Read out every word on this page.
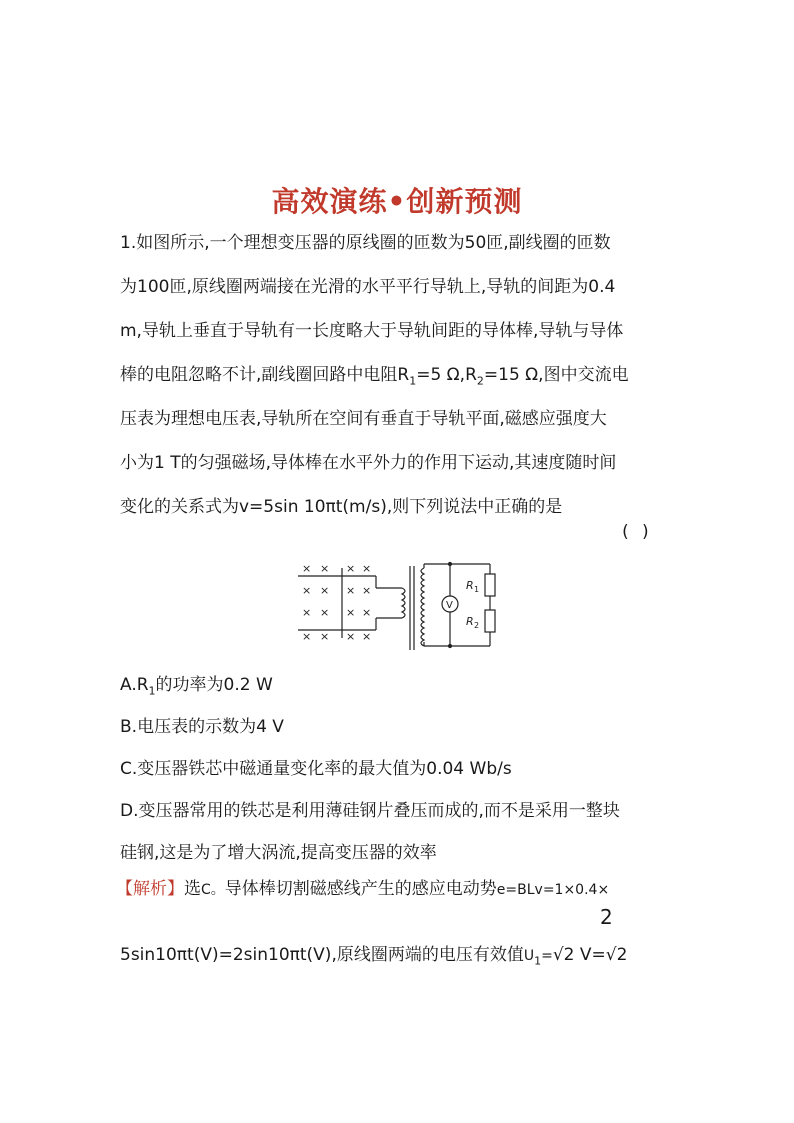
高效演练•创新预测
1.如图所示,一个理想变压器的原线圈的匝数为50匝,副线圈的匝数
为100匝,原线圈两端接在光滑的水平平行导轨上,导轨的间距为0.4
m,导轨上垂直于导轨有一长度略大于导轨间距的导体棒,导轨与导体
棒的电阻忽略不计,副线圈回路中电阻$R_1=5$ $\Omega,R_2=15$ Ω,图中交流电
压表为理想电压表,导轨所在空间有垂直于导轨平面,磁感应强度大
小为1 T的匀强磁场,导体棒在水平外力的作用下运动,其速度随时间
变化的关系式为v=5sin 10πt(m/s),则下列说法中正确的是
( )
× × × ×
× × × ×
× × × ×
× × × ×
V
R 1
R 2
$A.R_1$的功率为0.2 W
B.电压表的示数为4 V
C.变压器铁芯中磁通量变化率的最大值为0.04 Wb/s
D.变压器常用的铁芯是利用薄硅钢片叠压而成的,而不是采用一整块
硅钢,这是为了增大涡流,提高变压器的效率
【解析】选C。导体棒切割磁感线产生的感应电动势e=BLv=1×0.4×
2
5sin10πt(V)=2sin10πt(V),原线圈两端的电压有效值$U_1=√2$ V=√2
